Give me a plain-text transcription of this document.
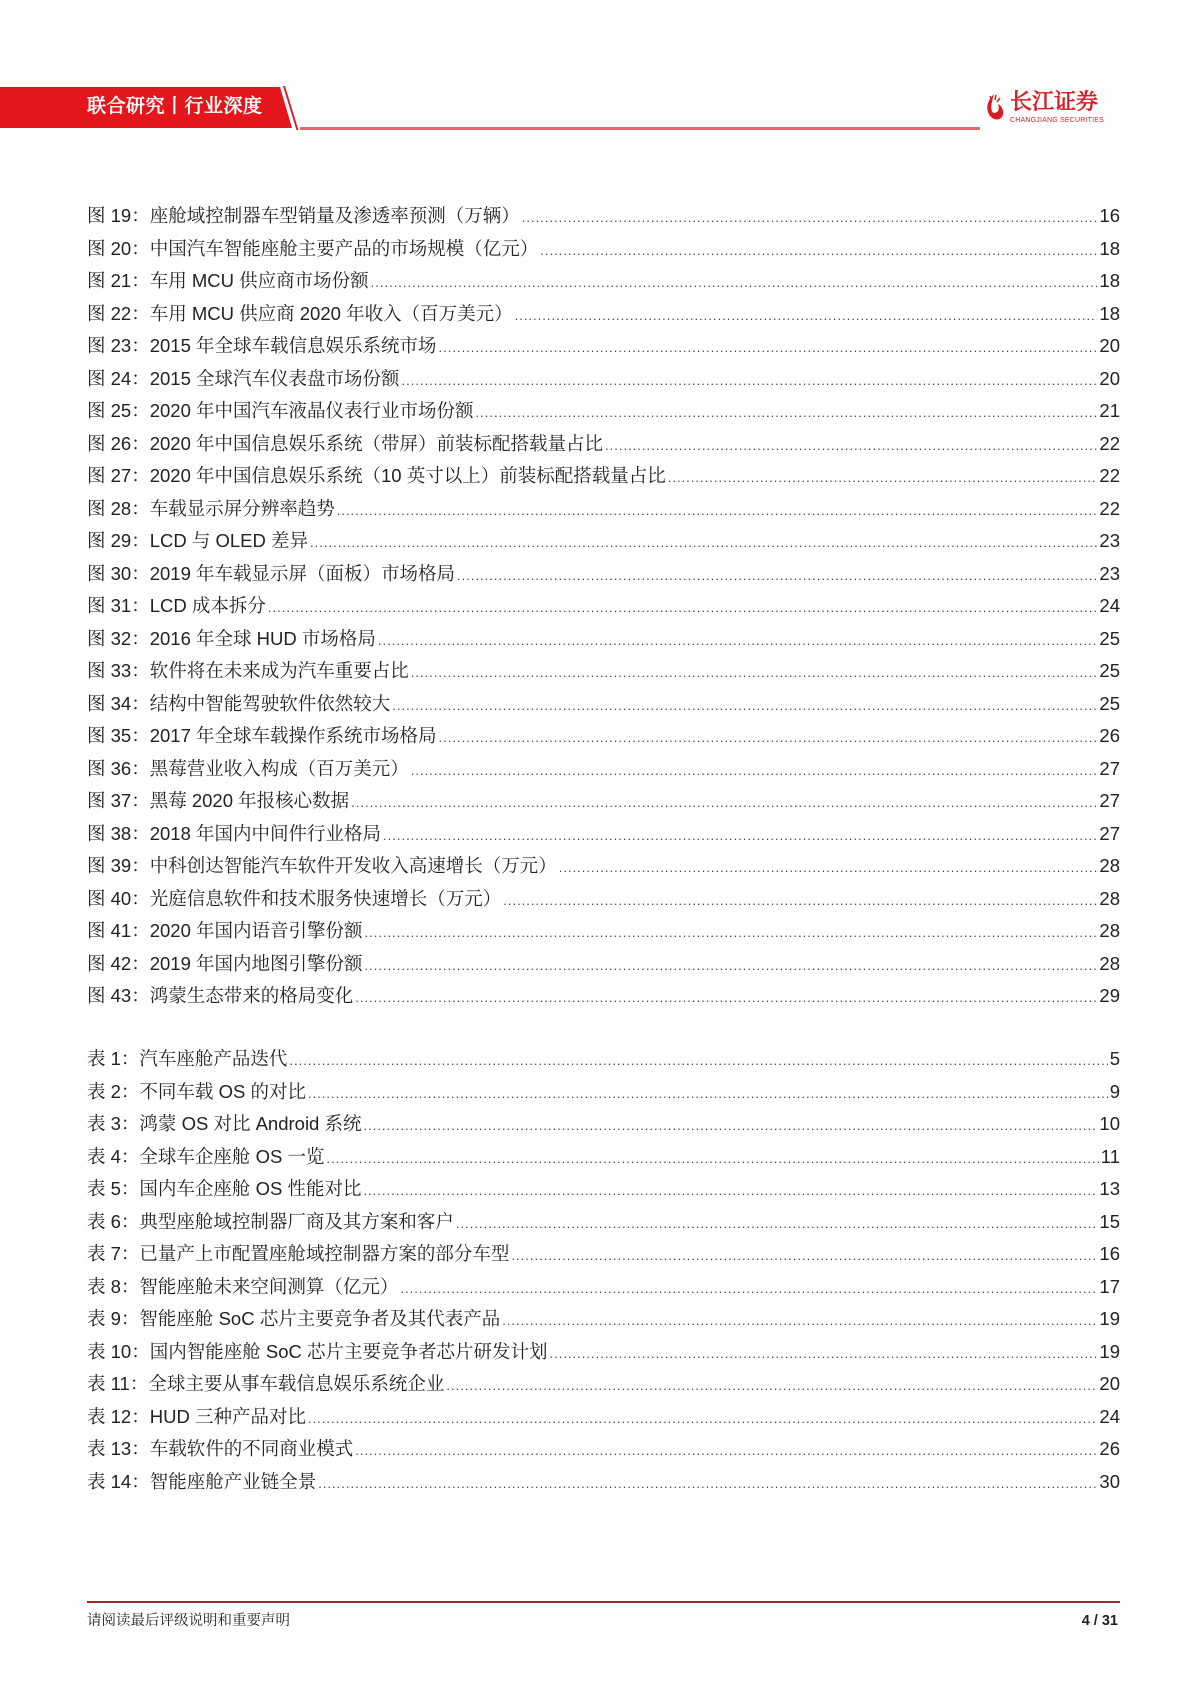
联合研究丨行业深度	长江证券
CHANGJIANG SECURITIES
图 19：座舱域控制器车型销量及渗透率预测（万辆） .....	16
图 20：中国汽车智能座舱主要产品的市场规模（亿元） .....	18
图 21：车用 MCU 供应商市场份额 .....	18
图 22：车用 MCU 供应商 2020 年收入（百万美元） .....	18
图 23：2015 年全球车载信息娱乐系统市场 .....	20
图 24：2015 全球汽车仪表盘市场份额 .....	20
图 25：2020 年中国汽车液晶仪表行业市场份额 .....	21
图 26：2020 年中国信息娱乐系统（带屏）前装标配搭载量占比 .....	22
图 27：2020 年中国信息娱乐系统（10 英寸以上）前装标配搭载量占比 .....	22
图 28：车载显示屏分辨率趋势 .....	22
图 29：LCD 与 OLED 差异 .....	23
图 30：2019 年车载显示屏（面板）市场格局 .....	23
图 31：LCD 成本拆分 .....	24
图 32：2016 年全球 HUD 市场格局 .....	25
图 33：软件将在未来成为汽车重要占比 .....	25
图 34：结构中智能驾驶软件依然较大 .....	25
图 35：2017 年全球车载操作系统市场格局 .....	26
图 36：黑莓营业收入构成（百万美元） .....	27
图 37：黑莓 2020 年报核心数据 .....	27
图 38：2018 年国内中间件行业格局 .....	27
图 39：中科创达智能汽车软件开发收入高速增长（万元） .....	28
图 40：光庭信息软件和技术服务快速增长（万元） .....	28
图 41：2020 年国内语音引擎份额 .....	28
图 42：2019 年国内地图引擎份额 .....	28
图 43：鸿蒙生态带来的格局变化 .....	29
表 1：汽车座舱产品迭代 .....	5
表 2：不同车载 OS 的对比 .....	9
表 3：鸿蒙 OS 对比 Android 系统 .....	10
表 4：全球车企座舱 OS 一览 .....	11
表 5：国内车企座舱 OS 性能对比 .....	13
表 6：典型座舱域控制器厂商及其方案和客户 .....	15
表 7：已量产上市配置座舱域控制器方案的部分车型 .....	16
表 8：智能座舱未来空间测算（亿元） .....	17
表 9：智能座舱 SoC 芯片主要竞争者及其代表产品 .....	19
表 10：国内智能座舱 SoC 芯片主要竞争者芯片研发计划 .....	19
表 11：全球主要从事车载信息娱乐系统企业 .....	20
表 12：HUD 三种产品对比 .....	24
表 13：车载软件的不同商业模式 .....	26
表 14：智能座舱产业链全景 .....	30
请阅读最后评级说明和重要声明	4 / 31
